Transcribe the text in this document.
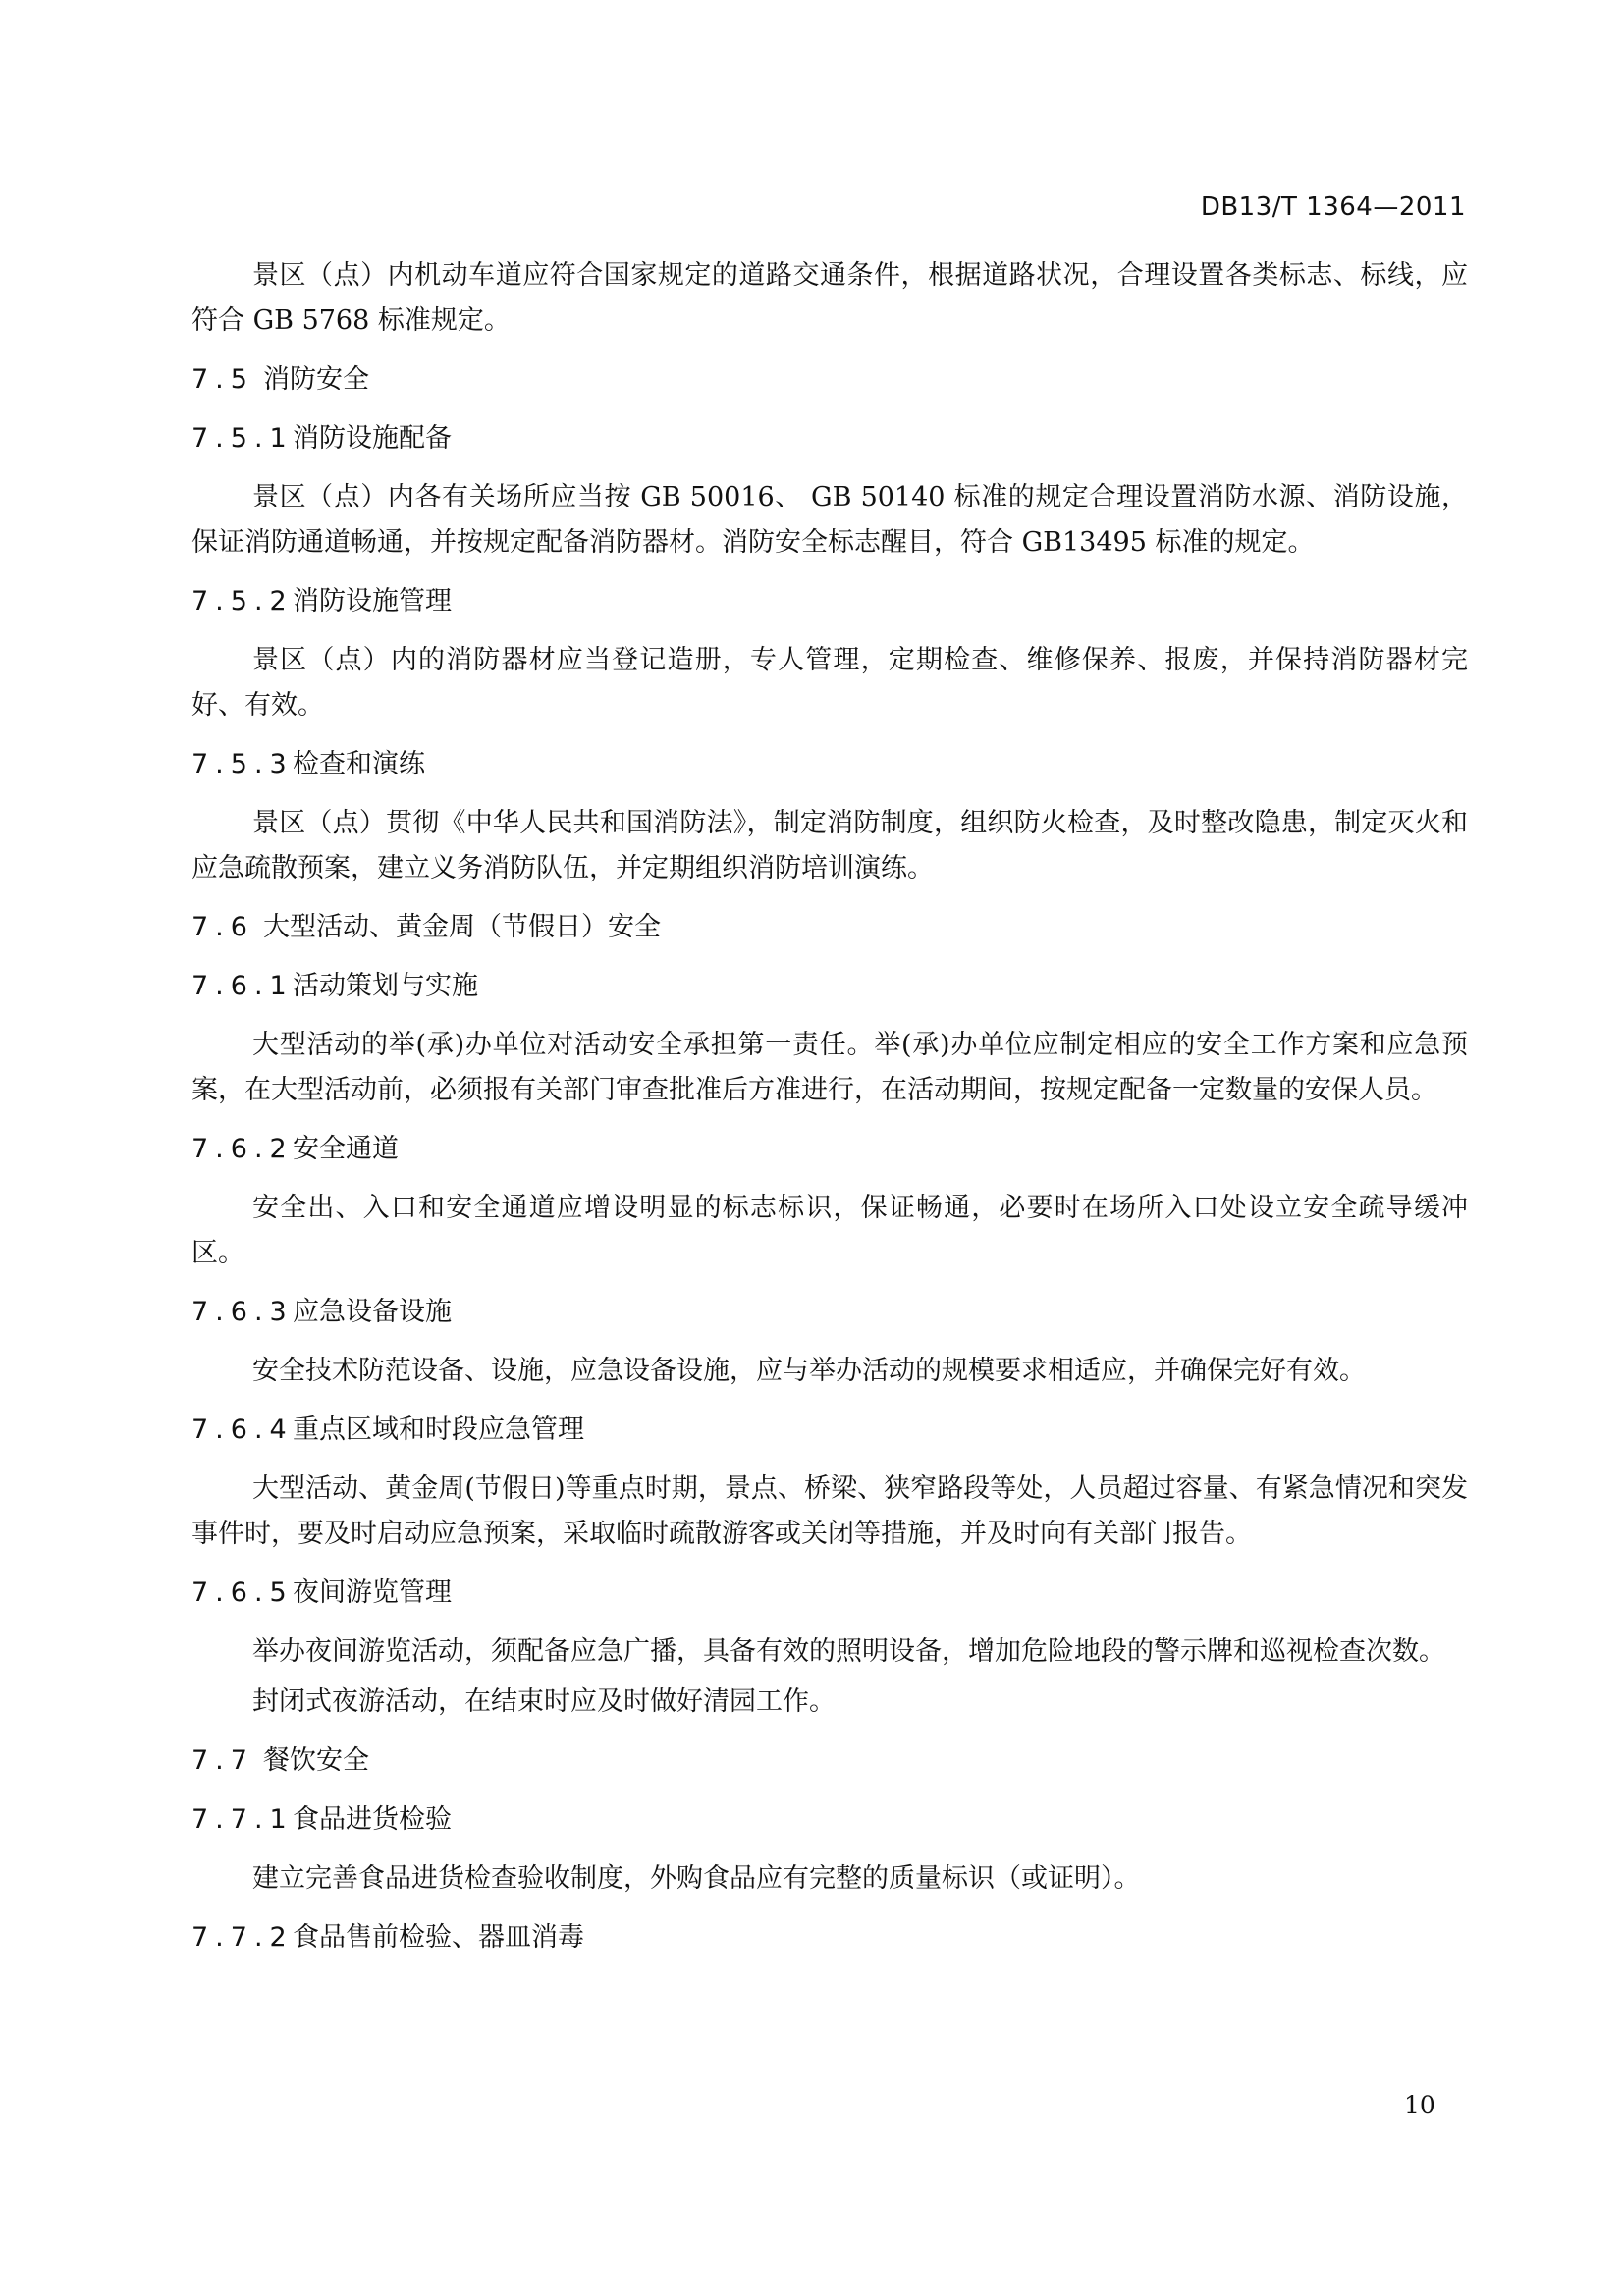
DB13/T 1364—2011

景区（点）内机动车道应符合国家规定的道路交通条件，根据道路状况，合理设置各类标志、标线，应符合 GB 5768 标准规定。

7.5 消防安全
7.5.1 消防设施配备

景区（点）内各有关场所应当按 GB 50016、 GB 50140 标准的规定合理设置消防水源、消防设施，保证消防通道畅通，并按规定配备消防器材。消防安全标志醒目，符合 GB13495 标准的规定。

7.5.2 消防设施管理

景区（点）内的消防器材应当登记造册，专人管理，定期检查、维修保养、报废，并保持消防器材完好、有效。

7.5.3 检查和演练

景区（点）贯彻《中华人民共和国消防法》，制定消防制度，组织防火检查，及时整改隐患，制定灭火和应急疏散预案，建立义务消防队伍，并定期组织消防培训演练。

7.6 大型活动、黄金周（节假日）安全
7.6.1 活动策划与实施

大型活动的举(承)办单位对活动安全承担第一责任。举(承)办单位应制定相应的安全工作方案和应急预案，在大型活动前，必须报有关部门审查批准后方准进行，在活动期间，按规定配备一定数量的安保人员。

7.6.2 安全通道

安全出、入口和安全通道应增设明显的标志标识，保证畅通，必要时在场所入口处设立安全疏导缓冲区。

7.6.3 应急设备设施

安全技术防范设备、设施，应急设备设施，应与举办活动的规模要求相适应，并确保完好有效。

7.6.4 重点区域和时段应急管理

大型活动、黄金周(节假日)等重点时期，景点、桥梁、狭窄路段等处，人员超过容量、有紧急情况和突发事件时，要及时启动应急预案，采取临时疏散游客或关闭等措施，并及时向有关部门报告。

7.6.5 夜间游览管理

举办夜间游览活动，须配备应急广播，具备有效的照明设备，增加危险地段的警示牌和巡视检查次数。

封闭式夜游活动，在结束时应及时做好清园工作。

7.7 餐饮安全
7.7.1 食品进货检验

建立完善食品进货检查验收制度，外购食品应有完整的质量标识（或证明）。

7.7.2 食品售前检验、器皿消毒
10
